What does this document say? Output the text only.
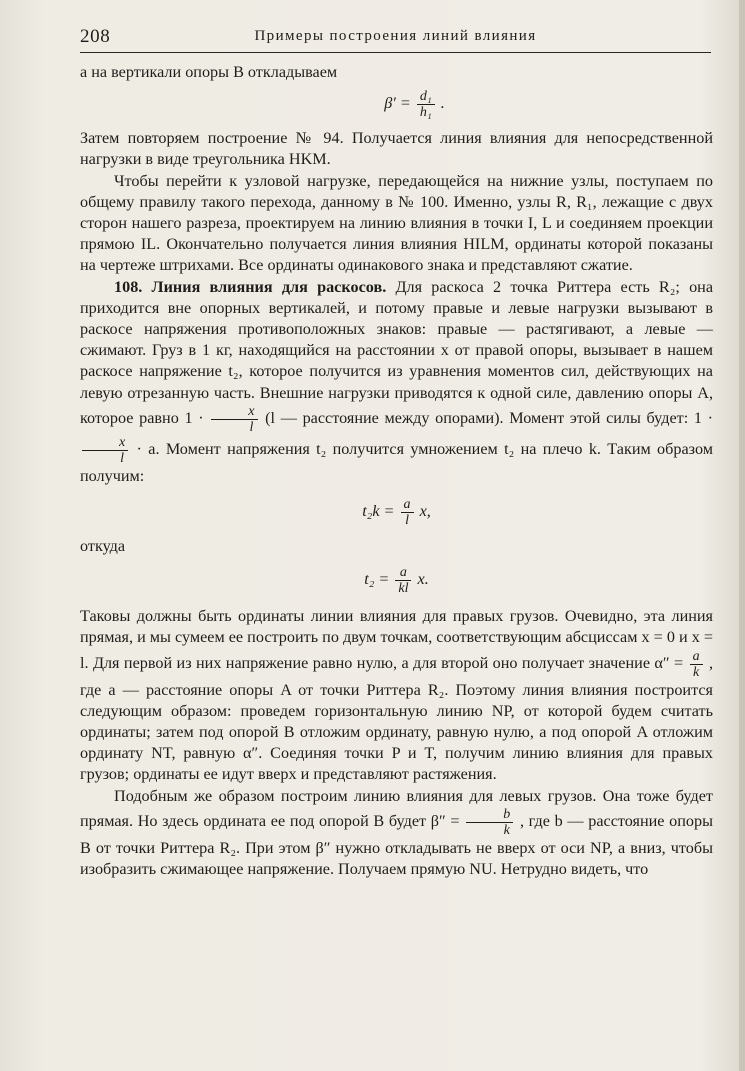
208	Примеры построения линий влияния

а на вертикали опоры B откладываем

$\beta' = \frac{\text{d₁}}{\text{h₁}}$ .

Затем повторяем построение № 94. Получается линия влияния для непосредственной нагрузки в виде треугольника HKM.

Чтобы перейти к узловой нагрузке, передающейся на нижние узлы, поступаем по общему правилу такого перехода, данному в № 100. Именно, узлы R, R₁, лежащие с двух сторон нашего разреза, проектируем на линию влияния в точки I, L и соединяем проекции прямою IL. Окончательно получается линия влияния HILM, ординаты которой показаны на чертеже штрихами. Все ординаты одинакового знака и представляют сжатие.

108. Линия влияния для раскосов. Для раскоса 2 точка Риттера есть R₂; она приходится вне опорных вертикалей, и потому правые и левые нагрузки вызывают в раскосе напряжения противоположных знаков: правые — растягивают, а левые — сжимают. Груз в 1 кг, находящийся на расстоянии x от правой опоры, вызывает в нашем раскосе напряжение t₂, которое получится из уравнения моментов сил, действующих на левую отрезанную часть. Внешние нагрузки приводятся к одной силе, давлению опоры A, которое равно $1 \cdot \frac{x}{l} (l$ — расстояние между опорами). Момент этой силы будет: 1 ·
$\frac{x}{l} \cdot a$. Момент напряжения t₂ получится умножением t₂ на плечо k. Таким образом получим:

$t_2k = \frac{a}{l} x$,

откуда

$t_2 = \frac{a}{kl} x$.

Таковы должны быть ординаты линии влияния для правых грузов. Очевидно, эта линия прямая, и мы сумеем ее построить по двум точкам, соответствующим абсциссам x = 0 и x = l. Для первой из них напряжение равно нулю, а для второй оно получает значение $\alpha'' = \frac{a}{k}$ , где a — расстояние опоры A от точки Риттера R₂. Поэтому линия влияния построится следующим образом: проведем горизонтальную линию NP, от которой будем считать ординаты; затем под опорой B отложим ординату, равную нулю, а под опорой A отложим ординату NT, равную α″. Соединяя точки P и T, получим линию влияния для правых грузов; ординаты ее идут вверх и представляют растяжения.

Подобным же образом построим линию влияния для левых грузов. Она тоже будет прямая. Но здесь ордината ее под опорой B будет $\beta'' = \frac{b}{k}$ , где b — расстояние опоры B от точки Риттера R₂. При этом β″ нужно откладывать не вверх от оси NP, а вниз, чтобы изобразить сжимающее напряжение. Получаем прямую NU. Нетрудно видеть, что
